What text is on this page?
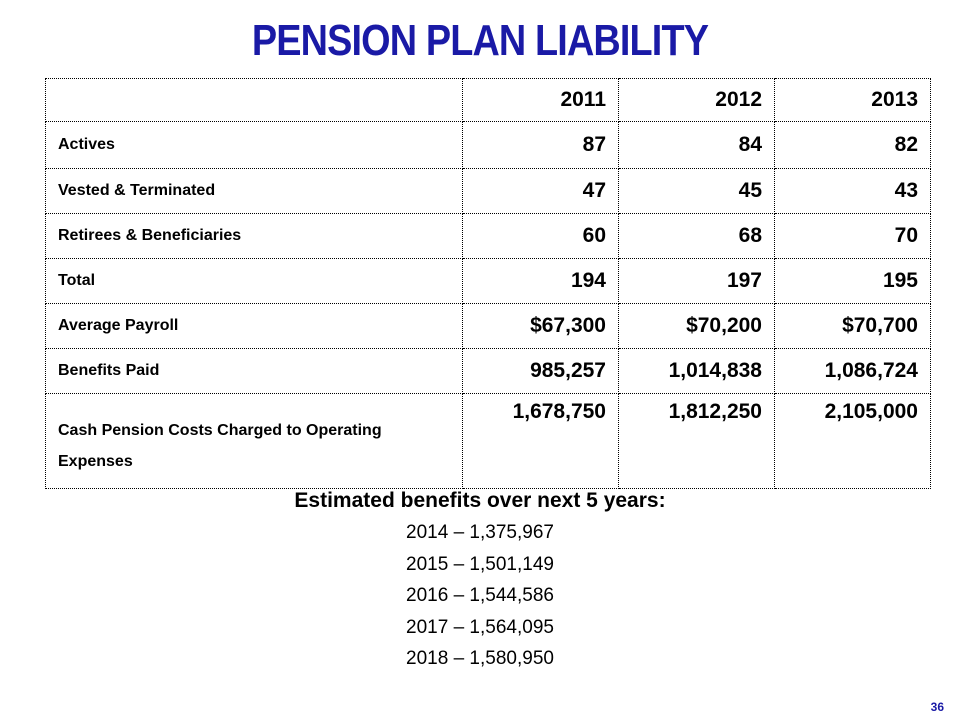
PENSION PLAN LIABILITY
	2011	2012	2013
Actives	87	84	82
Vested & Terminated	47	45	43
Retirees & Beneficiaries	60	68	70
Total	194	197	195
Average Payroll	$67,300	$70,200	$70,700
Benefits Paid	985,257	1,014,838	1,086,724
Cash Pension Costs Charged to Operating Expenses	1,678,750	1,812,250	2,105,000
Estimated benefits over next 5 years:
2014 – 1,375,967
2015 – 1,501,149
2016 – 1,544,586
2017 – 1,564,095
2018 – 1,580,950
36
